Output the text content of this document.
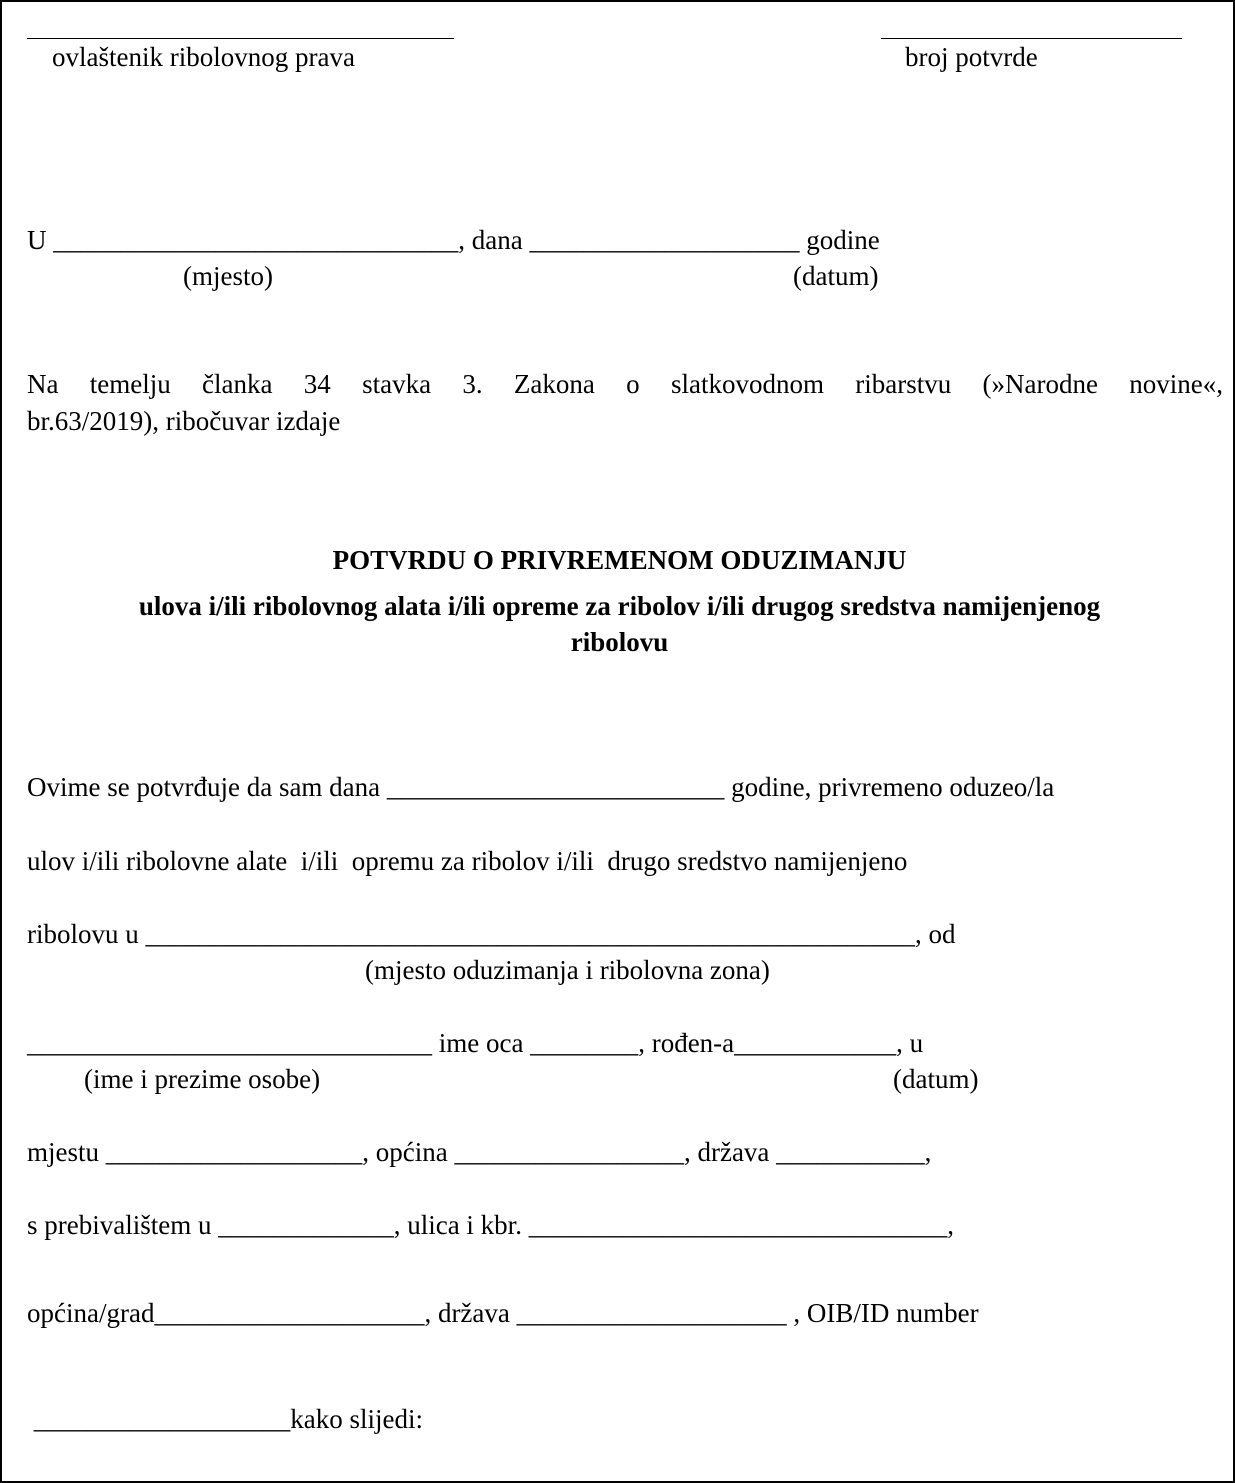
ovlaštenik ribolovnog prava	broj potvrde
U ______________________________, dana ____________________ godine
(mjesto)	(datum)
Na temelju članka 34 stavka 3. Zakona o slatkovodnom ribarstvu (»Narodne novine«,
br.63/2019), ribočuvar izdaje
POTVRDU O PRIVREMENOM ODUZIMANJU
ulova i/ili ribolovnog alata i/ili opreme za ribolov i/ili drugog sredstva namijenjenog
ribolovu
Ovime se potvrđuje da sam dana _________________________ godine, privremeno oduzeo/la
ulov i/ili ribolovne alate  i/ili  opremu za ribolov i/ili  drugo sredstvo namijenjeno
ribolovu u _________________________________________________________, od
(mjesto oduzimanja i ribolovna zona)
______________________________ ime oca ________, rođen-a____________, u
(ime i prezime osobe)	(datum)
mjestu ___________________, općina _________________, država ___________,
s prebivalištem u _____________, ulica i kbr. _______________________________,
općina/grad____________________, država ____________________ , OIB/ID number
___________________kako slijedi:
